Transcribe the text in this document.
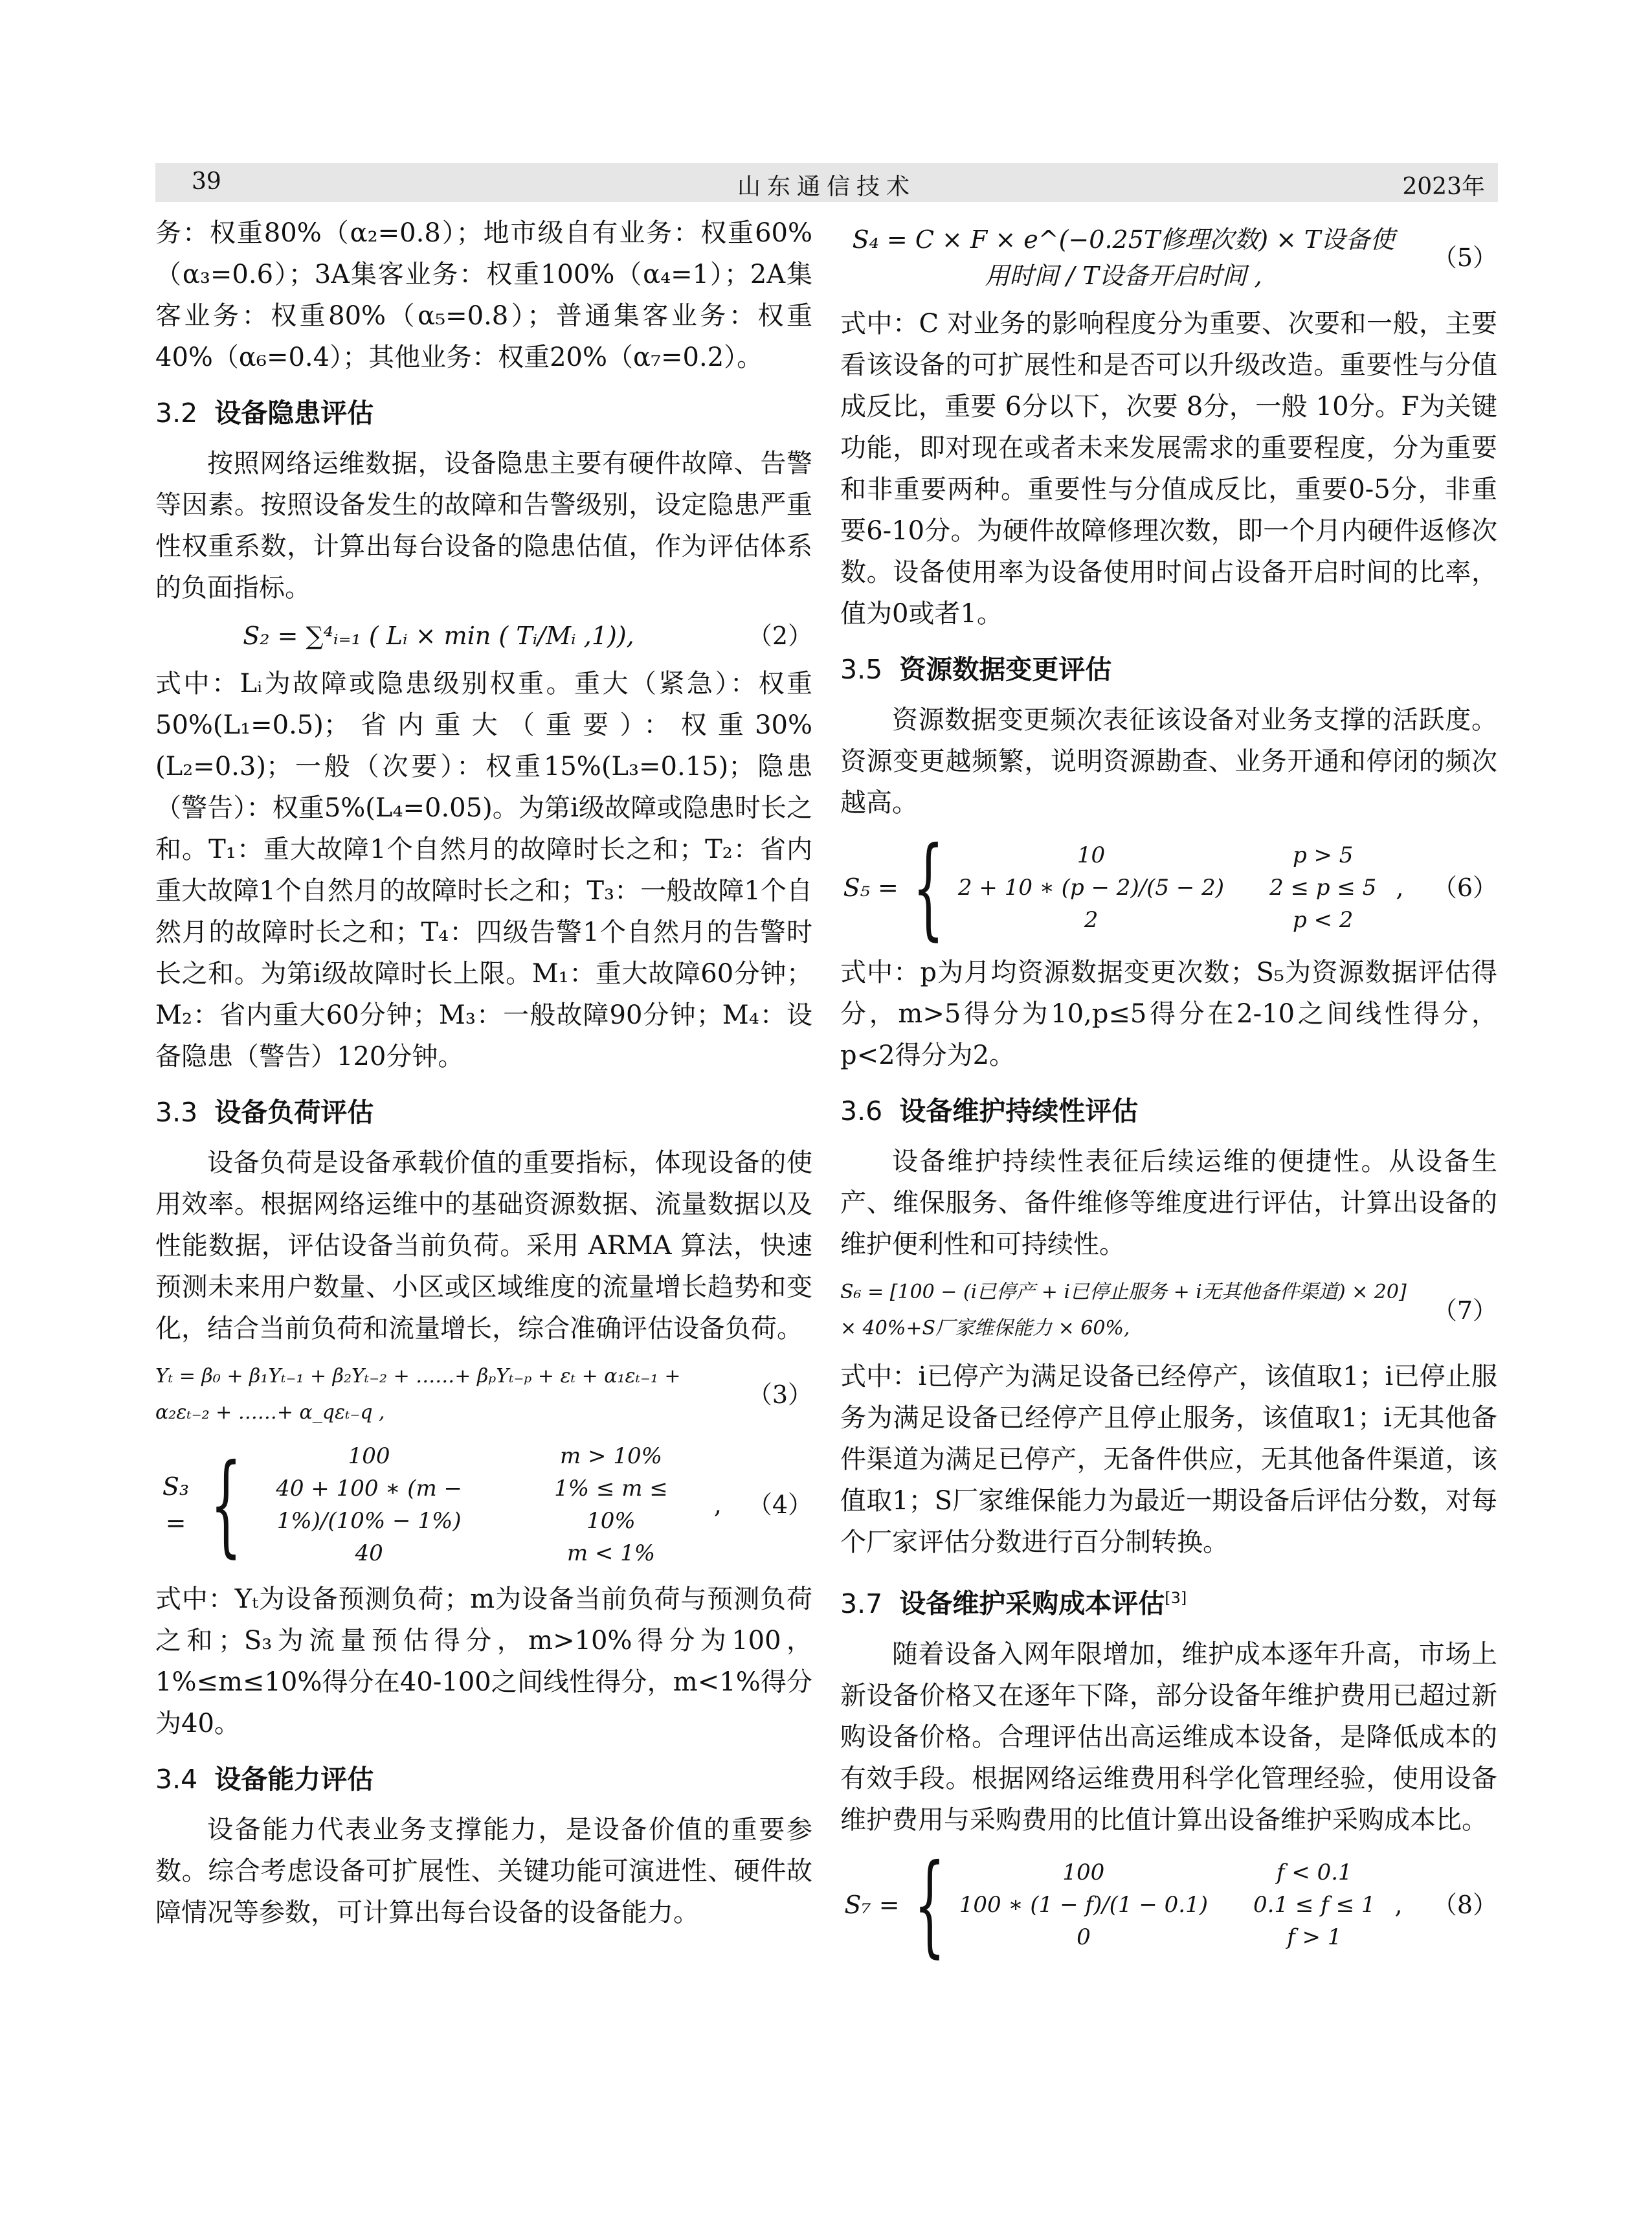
山东通信技术
39	2023年

务：权重80%（α₂=0.8）；地市级自有业务：权重60%（α₃=0.6）；3A集客业务：权重100%（α₄=1）；2A集客业务：权重80%（α₅=0.8）；普通集客业务：权重40%（α₆=0.4）；其他业务：权重20%（α₇=0.2）。

3.2 设备隐患评估

按照网络运维数据，设备隐患主要有硬件故障、告警等因素。按照设备发生的故障和告警级别，设定隐患严重性权重系数，计算出每台设备的隐患估值，作为评估体系的负面指标。

S₂ = ∑⁴ᵢ₌₁ ( Lᵢ × min ( Tᵢ/Mᵢ ,1)),	（2）

式中：Lᵢ为故障或隐患级别权重。重大（紧急）：权重50%(L₁=0.5)；省内重大（重要）：权重30%(L₂=0.3)；一般（次要）：权重15%(L₃=0.15)；隐患（警告）：权重5%(L₄=0.05)。为第i级故障或隐患时长之和。T₁：重大故障1个自然月的故障时长之和；T₂：省内重大故障1个自然月的故障时长之和；T₃：一般故障1个自然月的故障时长之和；T₄：四级告警1个自然月的告警时长之和。为第i级故障时长上限。M₁：重大故障60分钟；M₂：省内重大60分钟；M₃：一般故障90分钟；M₄：设备隐患（警告）120分钟。

3.3 设备负荷评估

设备负荷是设备承载价值的重要指标，体现设备的使用效率。根据网络运维中的基础资源数据、流量数据以及性能数据，评估设备当前负荷。采用 ARMA 算法，快速预测未来用户数量、小区或区域维度的流量增长趋势和变化，结合当前负荷和流量增长，综合准确评估设备负荷。

Yₜ = β₀ + β₁Yₜ₋₁ + β₂Yₜ₋₂ + ……+ βₚYₜ₋ₚ + εₜ + α₁εₜ₋₁ + α₂εₜ₋₂ + ……+ α_qεₜ₋q ,
（3）
S₃ = {	100	m > 10%
40 + 100 ∗ (m − 1%)/(10% − 1%)
1% ≤ m ≤ 10%
40	m < 1%
, （4）

式中：Yₜ为设备预测负荷；m为设备当前负荷与预测负荷之和；S₃为流量预估得分，m>10%得分为100，1%≤m≤10%得分在40-100之间线性得分，m<1%得分为40。

3.4 设备能力评估

设备能力代表业务支撑能力，是设备价值的重要参数。综合考虑设备可扩展性、关键功能可演进性、硬件故障情况等参数，可计算出每台设备的设备能力。

S₄ = C × F × e^(−0.25T修理次数) × T设备使用时间 / T设备开启时间 ,
（5）

式中：C 对业务的影响程度分为重要、次要和一般，主要看该设备的可扩展性和是否可以升级改造。重要性与分值成反比，重要 6分以下，次要 8分，一般 10分。F为关键功能，即对现在或者未来发展需求的重要程度，分为重要和非重要两种。重要性与分值成反比，重要0-5分，非重要6-10分。为硬件故障修理次数，即一个月内硬件返修次数。设备使用率为设备使用时间占设备开启时间的比率，值为0或者1。

3.5 资源数据变更评估

资源数据变更频次表征该设备对业务支撑的活跃度。资源变更越频繁，说明资源勘查、业务开通和停闭的频次越高。

S₅ = {	10	p > 5
2 + 10 ∗ (p − 2)/(5 − 2) 2 ≤ p ≤ 5
2	p < 2
, （6）

式中：p为月均资源数据变更次数；S₅为资源数据评估得分，m>5得分为10,p≤5得分在2-10之间线性得分，p<2得分为2。

3.6 设备维护持续性评估

设备维护持续性表征后续运维的便捷性。从设备生产、维保服务、备件维修等维度进行评估，计算出设备的维护便利性和可持续性。

S₆ = [100 − (i已停产 + i已停止服务 + i无其他备件渠道) × 20] × 40%+S厂家维保能力 × 60%,
（7）

式中：i已停产为满足设备已经停产，该值取1；i已停止服务为满足设备已经停产且停止服务，该值取1；i无其他备件渠道为满足已停产，无备件供应，无其他备件渠道，该值取1；S厂家维保能力为最近一期设备后评估分数，对每个厂家评估分数进行百分制转换。

3.7 设备维护采购成本评估[3]

随着设备入网年限增加，维护成本逐年升高，市场上新设备价格又在逐年下降，部分设备年维护费用已超过新购设备价格。合理评估出高运维成本设备，是降低成本的有效手段。根据网络运维费用科学化管理经验，使用设备维护费用与采购费用的比值计算出设备维护采购成本比。

S₇ = {	100	f < 0.1
100 ∗ (1 − f)/(1 − 0.1) 0.1 ≤ f ≤ 1
0	f > 1
, （8）
